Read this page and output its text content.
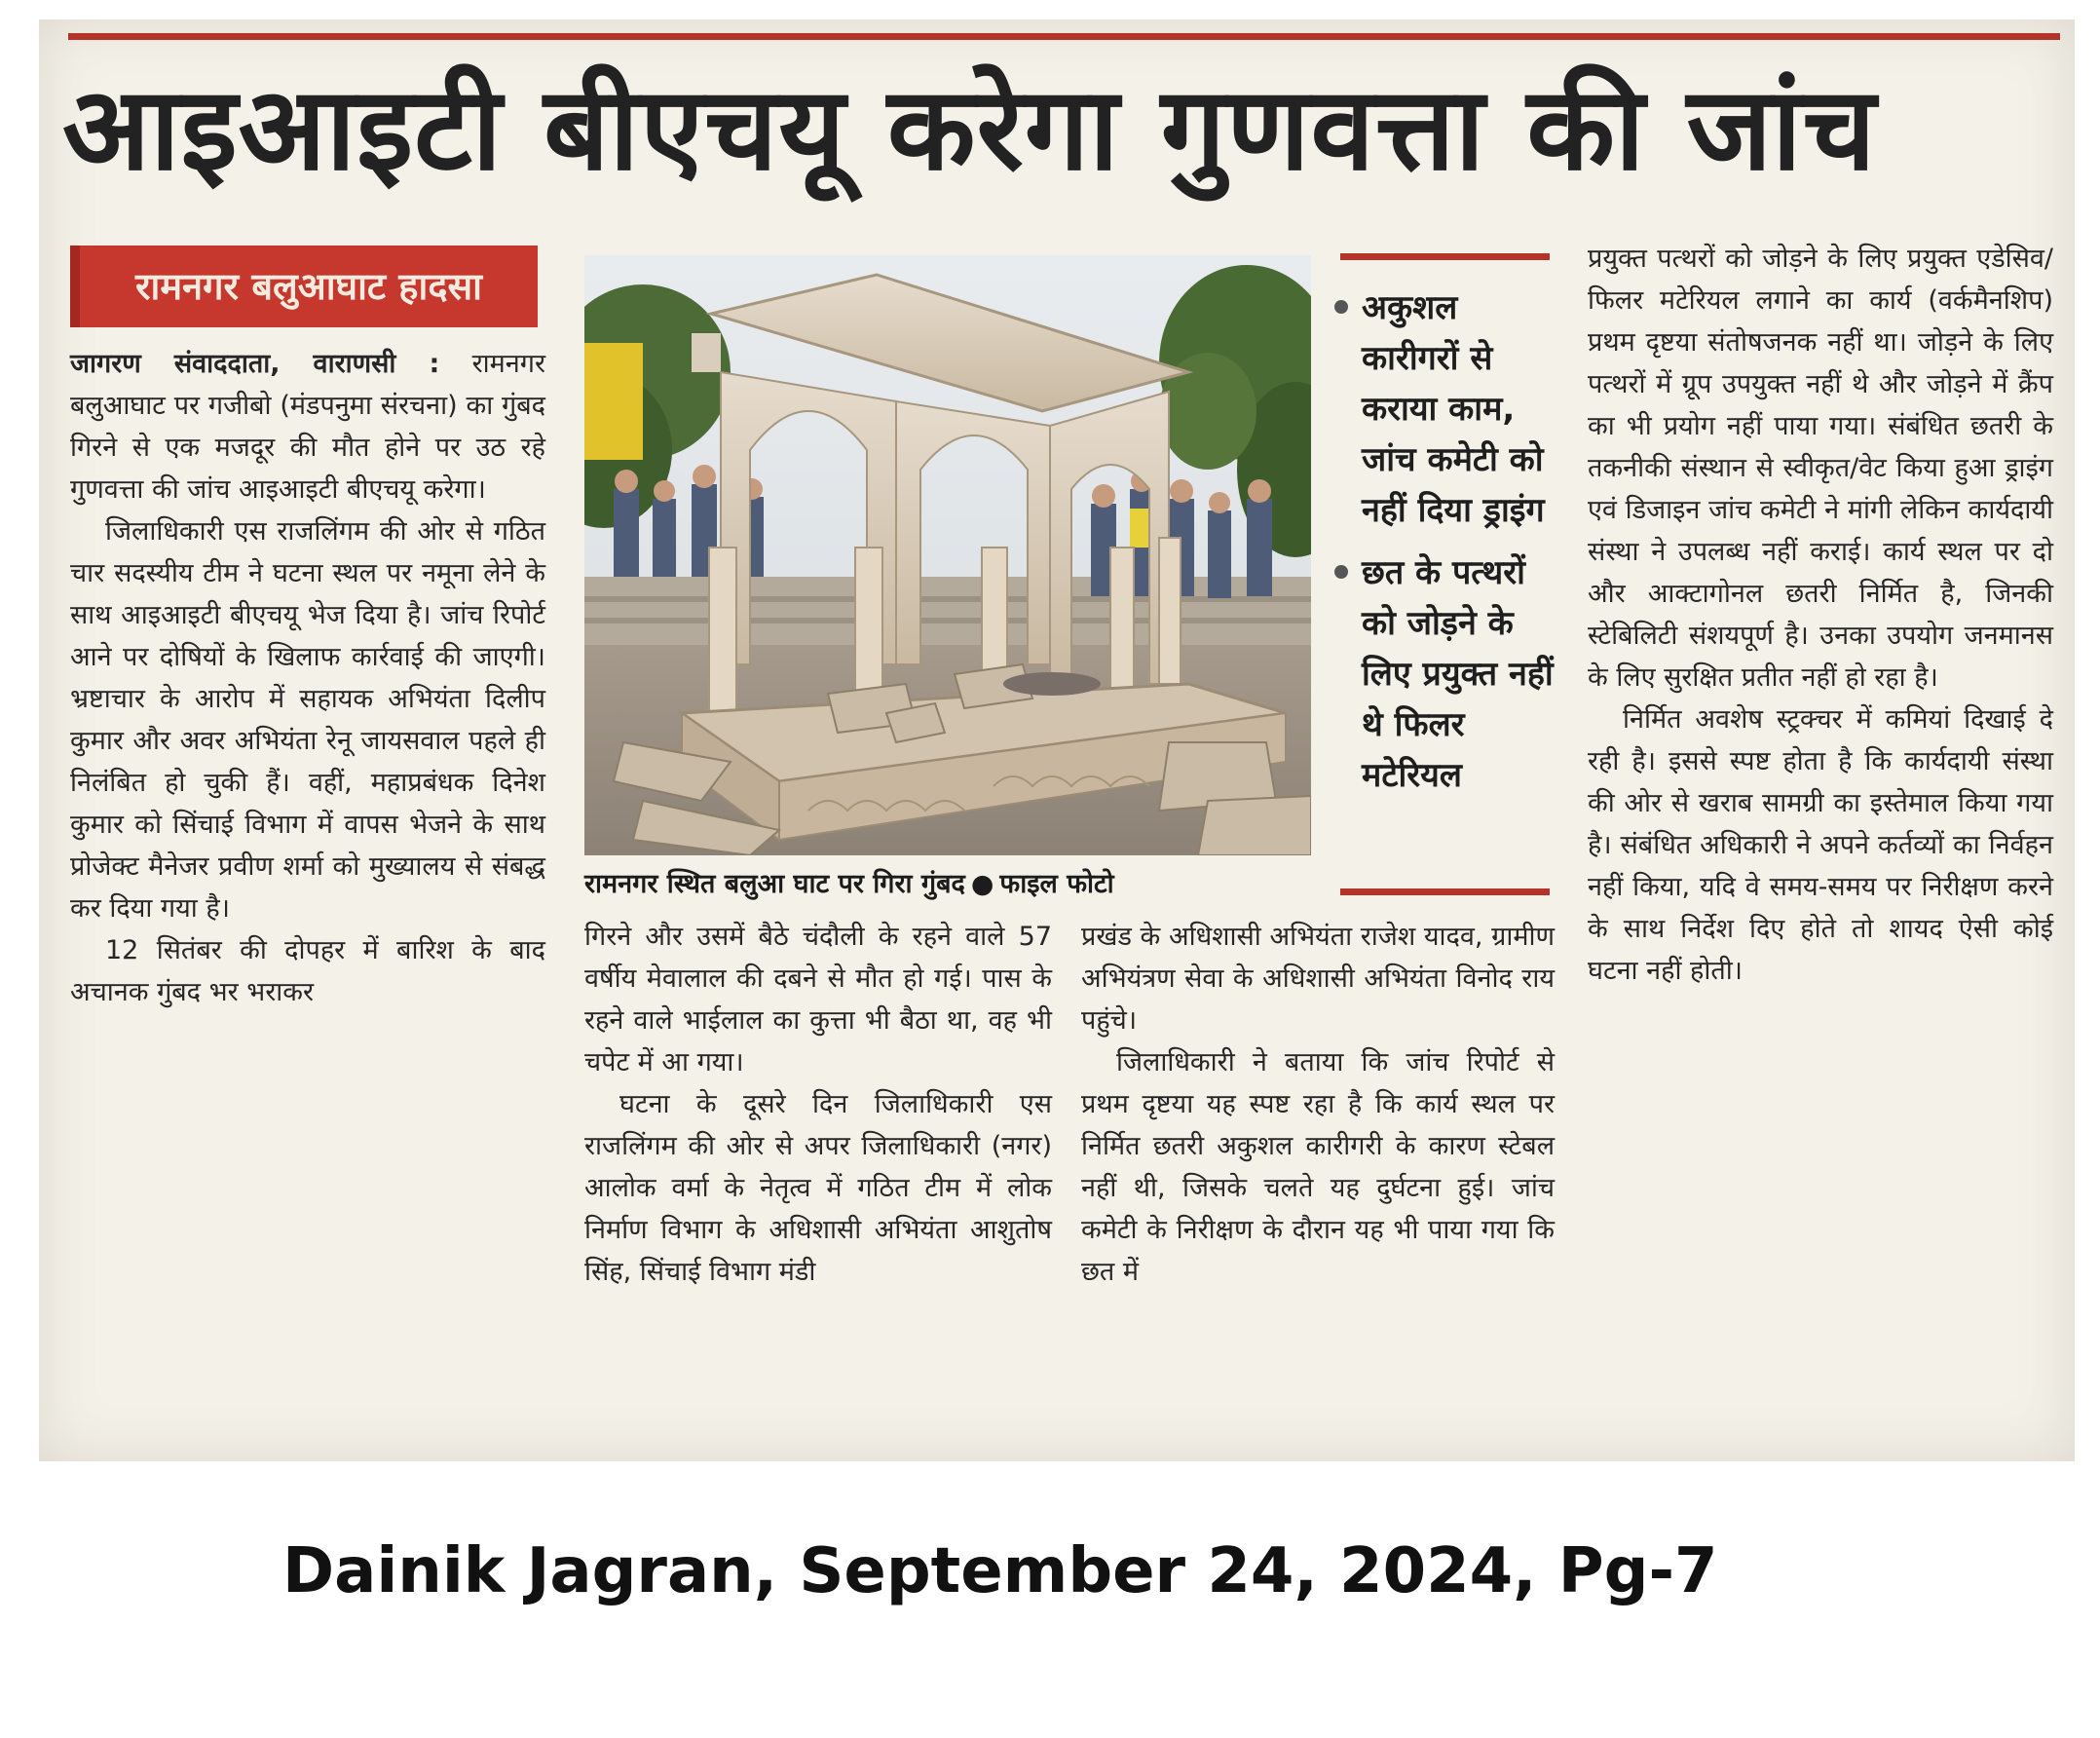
आइआइटी बीएचयू करेगा गुणवत्ता की जांच
रामनगर बलुआघाट हादसा

जागरण संवाददाता, वाराणसी : रामनगर बलुआघाट पर गजीबो (मंडपनुमा संरचना) का गुंबद गिरने से एक मजदूर की मौत होने पर उठ रहे गुणवत्ता की जांच आइआइटी बीएचयू करेगा।

जिलाधिकारी एस राजलिंगम की ओर से गठित चार सदस्यीय टीम ने घटना स्थल पर नमूना लेने के साथ आइआइटी बीएचयू भेज दिया है। जांच रिपोर्ट आने पर दोषियों के खिलाफ कार्रवाई की जाएगी। भ्रष्टाचार के आरोप में सहायक अभियंता दिलीप कुमार और अवर अभियंता रेनू जायसवाल पहले ही निलंबित हो चुकी हैं। वहीं, महाप्रबंधक दिनेश कुमार को सिंचाई विभाग में वापस भेजने के साथ प्रोजेक्ट मैनेजर प्रवीण शर्मा को मुख्यालय से संबद्ध कर दिया गया है।

12 सितंबर की दोपहर में बारिश के बाद अचानक गुंबद भर भराकर

रामनगर स्थित बलुआ घाट पर गिरा गुंबद ● फाइल फोटो

गिरने और उसमें बैठे चंदौली के रहने वाले 57 वर्षीय मेवालाल की दबने से मौत हो गई। पास के रहने वाले भाईलाल का कुत्ता भी बैठा था, वह भी चपेट में आ गया।

घटना के दूसरे दिन जिलाधिकारी एस राजलिंगम की ओर से अपर जिलाधिकारी (नगर) आलोक वर्मा के नेतृत्व में गठित टीम में लोक निर्माण विभाग के अधिशासी अभियंता आशुतोष सिंह, सिंचाई विभाग मंडी

प्रखंड के अधिशासी अभियंता राजेश यादव, ग्रामीण अभियंत्रण सेवा के अधिशासी अभियंता विनोद राय पहुंचे।

जिलाधिकारी ने बताया कि जांच रिपोर्ट से प्रथम दृष्टया यह स्पष्ट रहा है कि कार्य स्थल पर निर्मित छतरी अकुशल कारीगरी के कारण स्टेबल नहीं थी, जिसके चलते यह दुर्घटना हुई। जांच कमेटी के निरीक्षण के दौरान यह भी पाया गया कि छत में

अकुशल कारीगरों से कराया काम, जांच कमेटी को नहीं दिया ड्राइंग
छत के पत्थरों को जोड़ने के लिए प्रयुक्त नहीं थे फिलर मटेरियल

प्रयुक्त पत्थरों को जोड़ने के लिए प्रयुक्त एडेसिव/फिलर मटेरियल लगाने का कार्य (वर्कमैनशिप) प्रथम दृष्टया संतोषजनक नहीं था। जोड़ने के लिए पत्थरों में ग्रूप उपयुक्त नहीं थे और जोड़ने में क्रैंप का भी प्रयोग नहीं पाया गया। संबंधित छतरी के तकनीकी संस्थान से स्वीकृत/वेट किया हुआ ड्राइंग एवं डिजाइन जांच कमेटी ने मांगी लेकिन कार्यदायी संस्था ने उपलब्ध नहीं कराई। कार्य स्थल पर दो और आक्टागोनल छतरी निर्मित है, जिनकी स्टेबिलिटी संशयपूर्ण है। उनका उपयोग जनमानस के लिए सुरक्षित प्रतीत नहीं हो रहा है।

निर्मित अवशेष स्ट्रक्चर में कमियां दिखाई दे रही है। इससे स्पष्ट होता है कि कार्यदायी संस्था की ओर से खराब सामग्री का इस्तेमाल किया गया है। संबंधित अधिकारी ने अपने कर्तव्यों का निर्वहन नहीं किया, यदि वे समय-समय पर निरीक्षण करने के साथ निर्देश दिए होते तो शायद ऐसी कोई घटना नहीं होती।

Dainik Jagran, September 24, 2024, Pg-7
